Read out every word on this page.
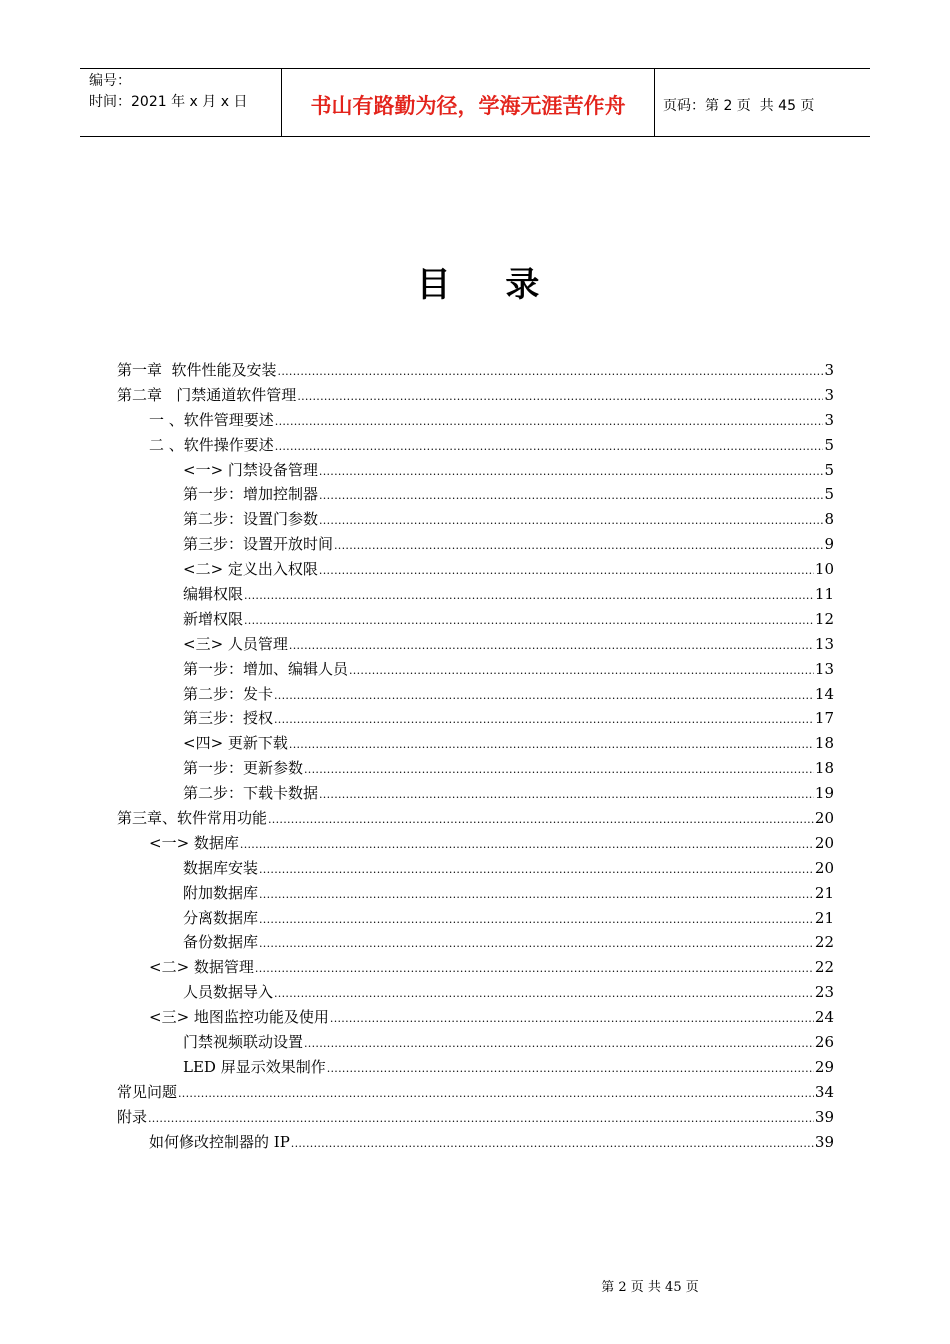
编号：
时间：2021 年 x 月 x 日	书山有路勤为径，学海无涯苦作舟	页码：第 2 页  共 45 页
目 录
第一章  软件性能及安装 .....	3
第二章   门禁通道软件管理 .....	3
一 、软件管理要述 .....	3
二 、软件操作要述 .....	5
<一> 门禁设备管理 .....	5
第一步：增加控制器 .....	5
第二步：设置门参数 .....	8
第三步：设置开放时间 .....	9
<二> 定义出入权限 .....	10
编辑权限 .....	11
新增权限 .....	12
<三> 人员管理 .....	13
第一步：增加、编辑人员 .....	13
第二步：发卡 .....	14
第三步：授权 .....	17
<四> 更新下载 .....	18
第一步：更新参数 .....	18
第二步：下载卡数据 .....	19
第三章、软件常用功能 .....	20
<一> 数据库 .....	20
数据库安装 .....	20
附加数据库 .....	21
分离数据库 .....	21
备份数据库 .....	22
<二> 数据管理 .....	22
人员数据导入 .....	23
<三> 地图监控功能及使用 .....	24
门禁视频联动设置 .....	26
LED 屏显示效果制作 .....	29
常见问题 .....	34
附录 .....	39
如何修改控制器的 IP .....	39
第 2 页 共 45 页
